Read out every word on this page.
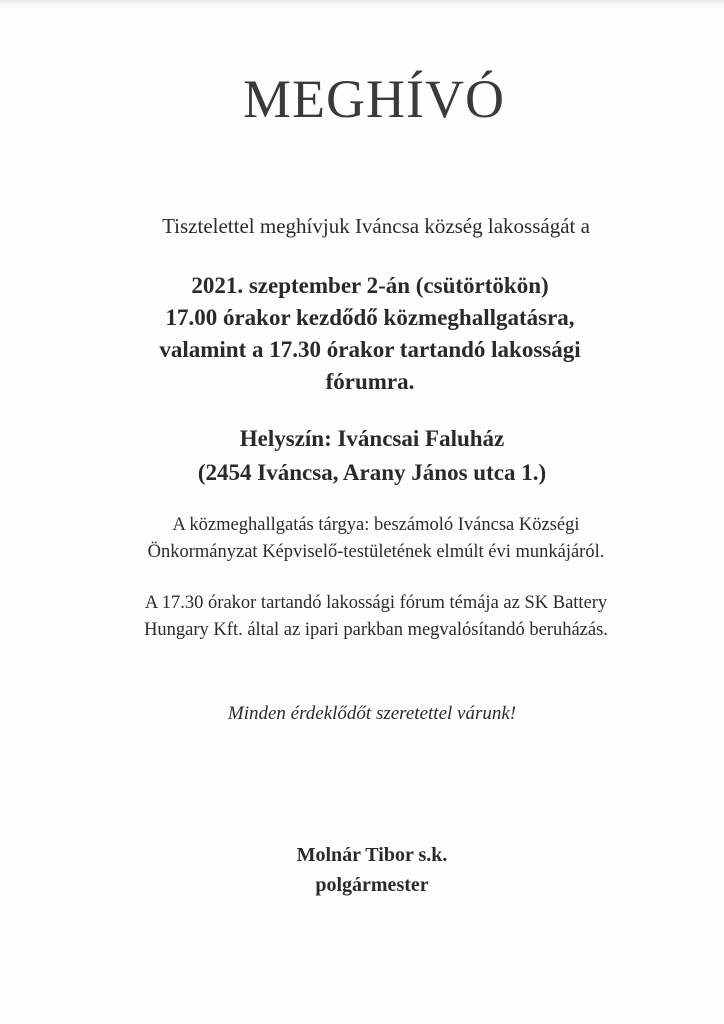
MEGHÍVÓ

Tisztelettel meghívjuk Iváncsa község lakosságát a

2021. szeptember 2-án (csütörtökön)
17.00 órakor kezdődő közmeghallgatásra,
valamint a 17.30 órakor tartandó lakossági
fórumra.

Helyszín: Iváncsai Faluház
(2454 Iváncsa, Arany János utca 1.)

A közmeghallgatás tárgya: beszámoló Iváncsa Községi
Önkormányzat Képviselő-testületének elmúlt évi munkájáról.

A 17.30 órakor tartandó lakossági fórum témája az SK Battery
Hungary Kft. által az ipari parkban megvalósítandó beruházás.

Minden érdeklődőt szeretettel várunk!

Molnár Tibor s.k.
polgármester
